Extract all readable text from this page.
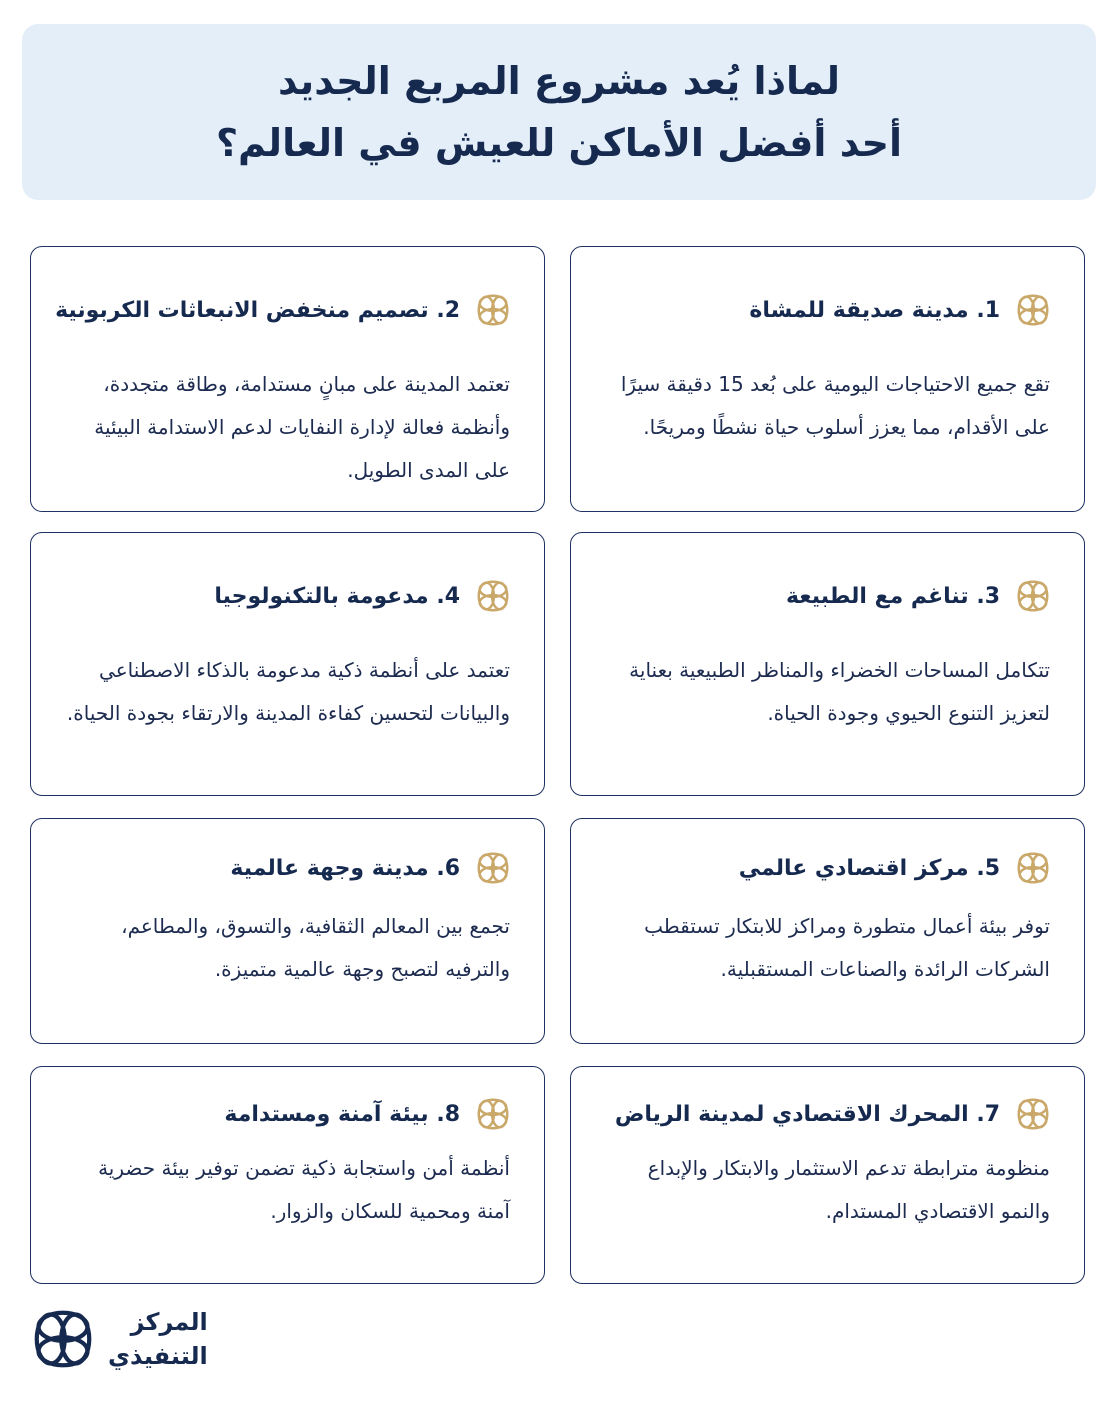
لماذا يُعد مشروع المربع الجديد
أحد أفضل الأماكن للعيش في العالم؟
1. مدينة صديقة للمشاة
تقع جميع الاحتياجات اليومية على بُعد 15 دقيقة سيرًا على الأقدام، مما يعزز أسلوب حياة نشطًا ومريحًا.
2. تصميم منخفض الانبعاثات الكربونية
تعتمد المدينة على مبانٍ مستدامة، وطاقة متجددة، وأنظمة فعالة لإدارة النفايات لدعم الاستدامة البيئية على المدى الطويل.
3. تناغم مع الطبيعة
تتكامل المساحات الخضراء والمناظر الطبيعية بعناية لتعزيز التنوع الحيوي وجودة الحياة.
4. مدعومة بالتكنولوجيا
تعتمد على أنظمة ذكية مدعومة بالذكاء الاصطناعي والبيانات لتحسين كفاءة المدينة والارتقاء بجودة الحياة.
5. مركز اقتصادي عالمي
توفر بيئة أعمال متطورة ومراكز للابتكار تستقطب الشركات الرائدة والصناعات المستقبلية.
6. مدينة وجهة عالمية
تجمع بين المعالم الثقافية، والتسوق، والمطاعم، والترفيه لتصبح وجهة عالمية متميزة.
7. المحرك الاقتصادي لمدينة الرياض
منظومة مترابطة تدعم الاستثمار والابتكار والإبداع والنمو الاقتصادي المستدام.
8. بيئة آمنة ومستدامة
أنظمة أمن واستجابة ذكية تضمن توفير بيئة حضرية آمنة ومحمية للسكان والزوار.
المركز
التنفيذي
